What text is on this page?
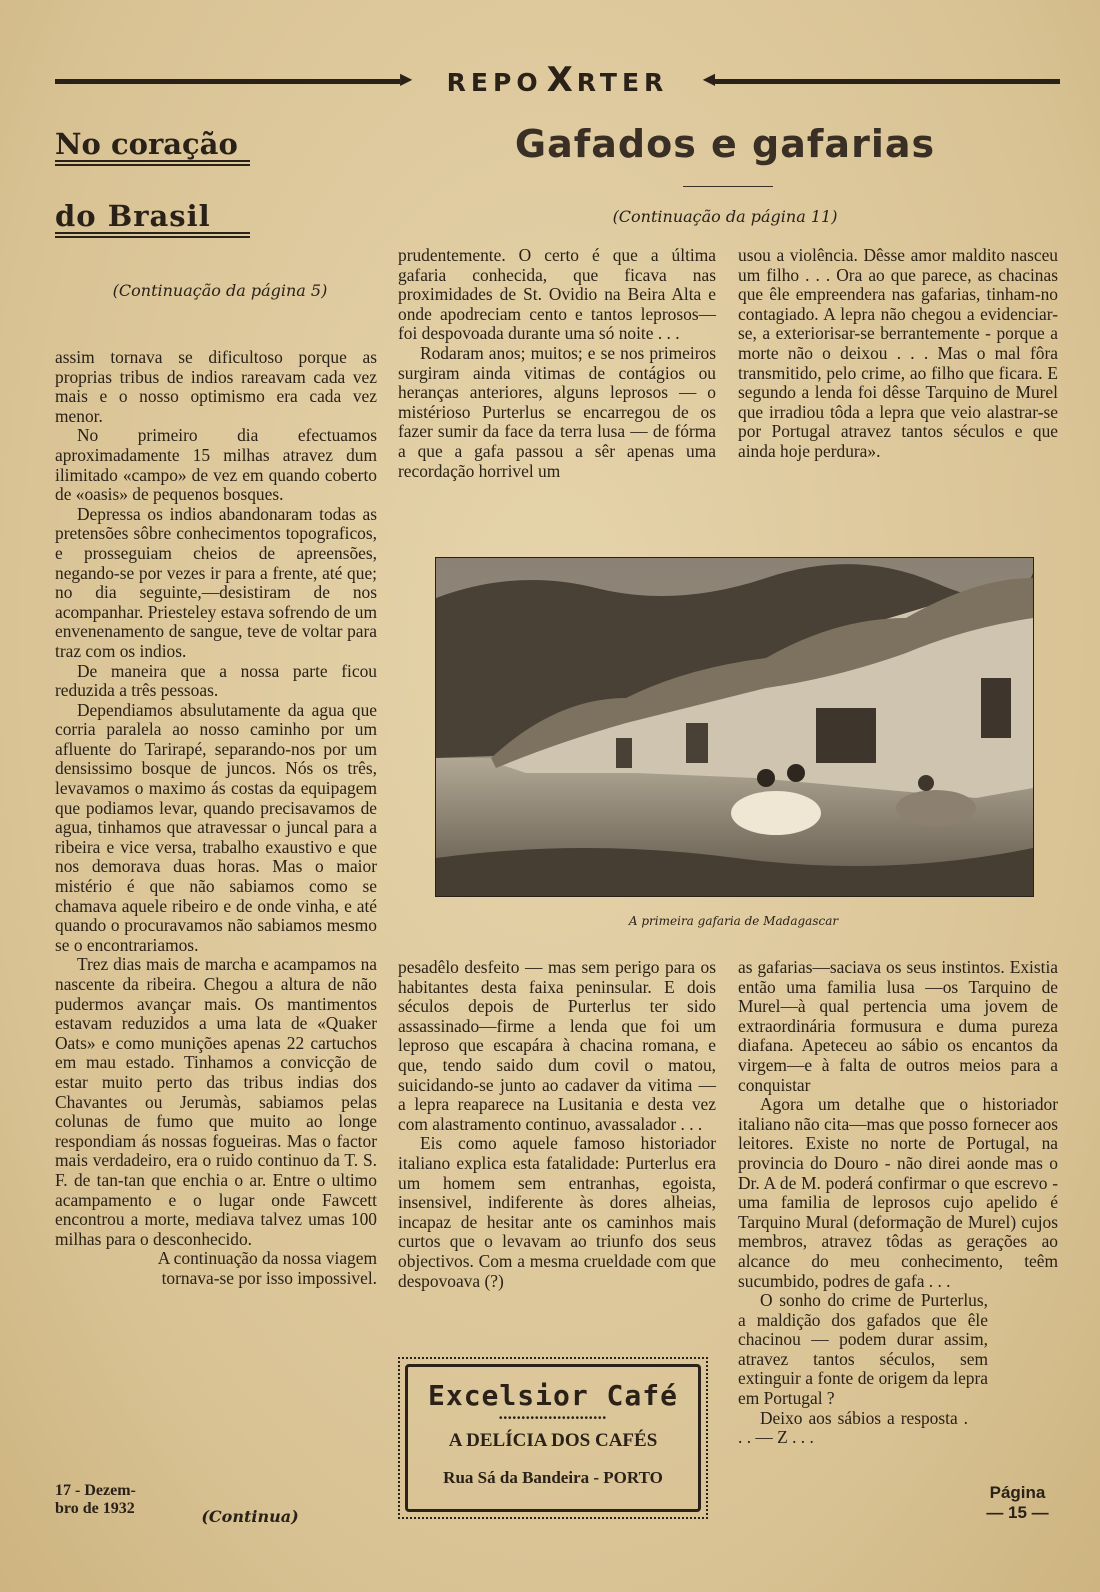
▶	REPO X RTER	◀
No coração
do Brasil
(Continuação da página 5)
Gafados e gafarias
(Continuação da página 11)

assim tornava se dificultoso porque as proprias tribus de indios rareavam cada vez mais e o nosso optimismo era cada vez menor.

No primeiro dia efectuamos aproximadamente 15 milhas atravez dum ilimitado «campo» de vez em quando coberto de «oasis» de pequenos bosques.

Depressa os indios abandonaram todas as pretensões sôbre conhecimentos topograficos, e prosseguiam cheios de apreensões, negando-se por vezes ir para a frente, até que; no dia seguinte,—desistiram de nos acompanhar. Priesteley estava sofrendo de um envenenamento de sangue, teve de voltar para traz com os indios.

De maneira que a nossa parte ficou reduzida a três pessoas.

Dependiamos absulutamente da agua que corria paralela ao nosso caminho por um afluente do Tarirapé, separando-nos por um densissimo bosque de juncos. Nós os três, levavamos o maximo ás costas da equipagem que podiamos levar, quando precisavamos de agua, tinhamos que atravessar o juncal para a ribeira e vice versa, trabalho exaustivo e que nos demorava duas horas. Mas o maior mistério é que não sabiamos como se chamava aquele ribeiro e de onde vinha, e até quando o procuravamos não sabiamos mesmo se o encontrariamos.

Trez dias mais de marcha e acampamos na nascente da ribeira. Chegou a altura de não pudermos avançar mais. Os mantimentos estavam reduzidos a uma lata de «Quaker Oats» e como munições apenas 22 cartuchos em mau estado. Tinhamos a convicção de estar muito perto das tribus indias dos Chavantes ou Jerumàs, sabiamos pelas colunas de fumo que muito ao longe respondiam ás nossas fogueiras. Mas o factor mais verdadeiro, era o ruido continuo da T. S. F. de tan-tan que enchia o ar. Entre o ultimo acampamento e o lugar onde Fawcett encontrou a morte, mediava talvez umas 100 milhas para o desconhecido.

A continuação da nossa viagem tornava-se por isso impossivel.

17 - Dezem-
bro de 1932	(Continua)

prudentemente. O certo é que a última gafaria conhecida, que ficava nas proximidades de St. Ovidio na Beira Alta e onde apodreciam cento e tantos leprosos—foi despovoada durante uma só noite . . .

Rodaram anos; muitos; e se nos primeiros surgiram ainda vitimas de contágios ou heranças anteriores, alguns leprosos — o mistérioso Purterlus se encarregou de os fazer sumir da face da terra lusa — de fórma a que a gafa passou a sêr apenas uma recordação horrivel um

usou a violência. Dêsse amor maldito nasceu um filho . . . Ora ao que parece, as chacinas que êle empreendera nas gafarias, tinham-no contagiado. A lepra não chegou a evidenciar-se, a exteriorisar-se berrantemente - porque a morte não o deixou . . . Mas o mal fôra transmitido, pelo crime, ao filho que ficara. E segundo a lenda foi dêsse Tarquino de Murel que irradiou tôda a lepra que veio alastrar-se por Portugal atravez tantos séculos e que ainda hoje perdura».

A primeira gafaria de Madagascar

pesadêlo desfeito — mas sem perigo para os habitantes desta faixa peninsular. E dois séculos depois de Purterlus ter sido assassinado—firme a lenda que foi um leproso que escapára à chacina romana, e que, tendo saido dum covil o matou, suicidando-se junto ao cadaver da vitima — a lepra reaparece na Lusitania e desta vez com alastramento continuo, avassalador . . .

Eis como aquele famoso historiador italiano explica esta fatalidade: Purterlus era um homem sem entranhas, egoista, insensivel, indiferente às dores alheias, incapaz de hesitar ante os caminhos mais curtos que o levavam ao triunfo dos seus objectivos. Com a mesma crueldade com que despovoava (?)

as gafarias—saciava os seus instintos. Existia então uma familia lusa —os Tarquino de Murel—à qual pertencia uma jovem de extraordinária formusura e duma pureza diafana. Apeteceu ao sábio os encantos da virgem—e à falta de outros meios para a conquistar

Agora um detalhe que o historiador italiano não cita—mas que posso fornecer aos leitores. Existe no norte de Portugal, na provincia do Douro - não direi aonde mas o Dr. A de M. poderá confirmar o que escrevo - uma familia de leprosos cujo apelido é Tarquino Mural (deformação de Murel) cujos membros, atravez tôdas as gerações ao alcance do meu conhecimento, teêm sucumbido, podres de gafa . . .

O sonho do crime de Purterlus, a maldição dos gafados que êle chacinou — podem durar assim, atravez tantos séculos, sem extinguir a fonte de origem da lepra em Portugal ?

Deixo aos sábios a resposta . . . — Z . . .

Excelsior Café
••••••••••••••••••••••••
A DELÍCIA DOS CAFÉS
Rua Sá da Bandeira - PORTO
Página
— 15 —
